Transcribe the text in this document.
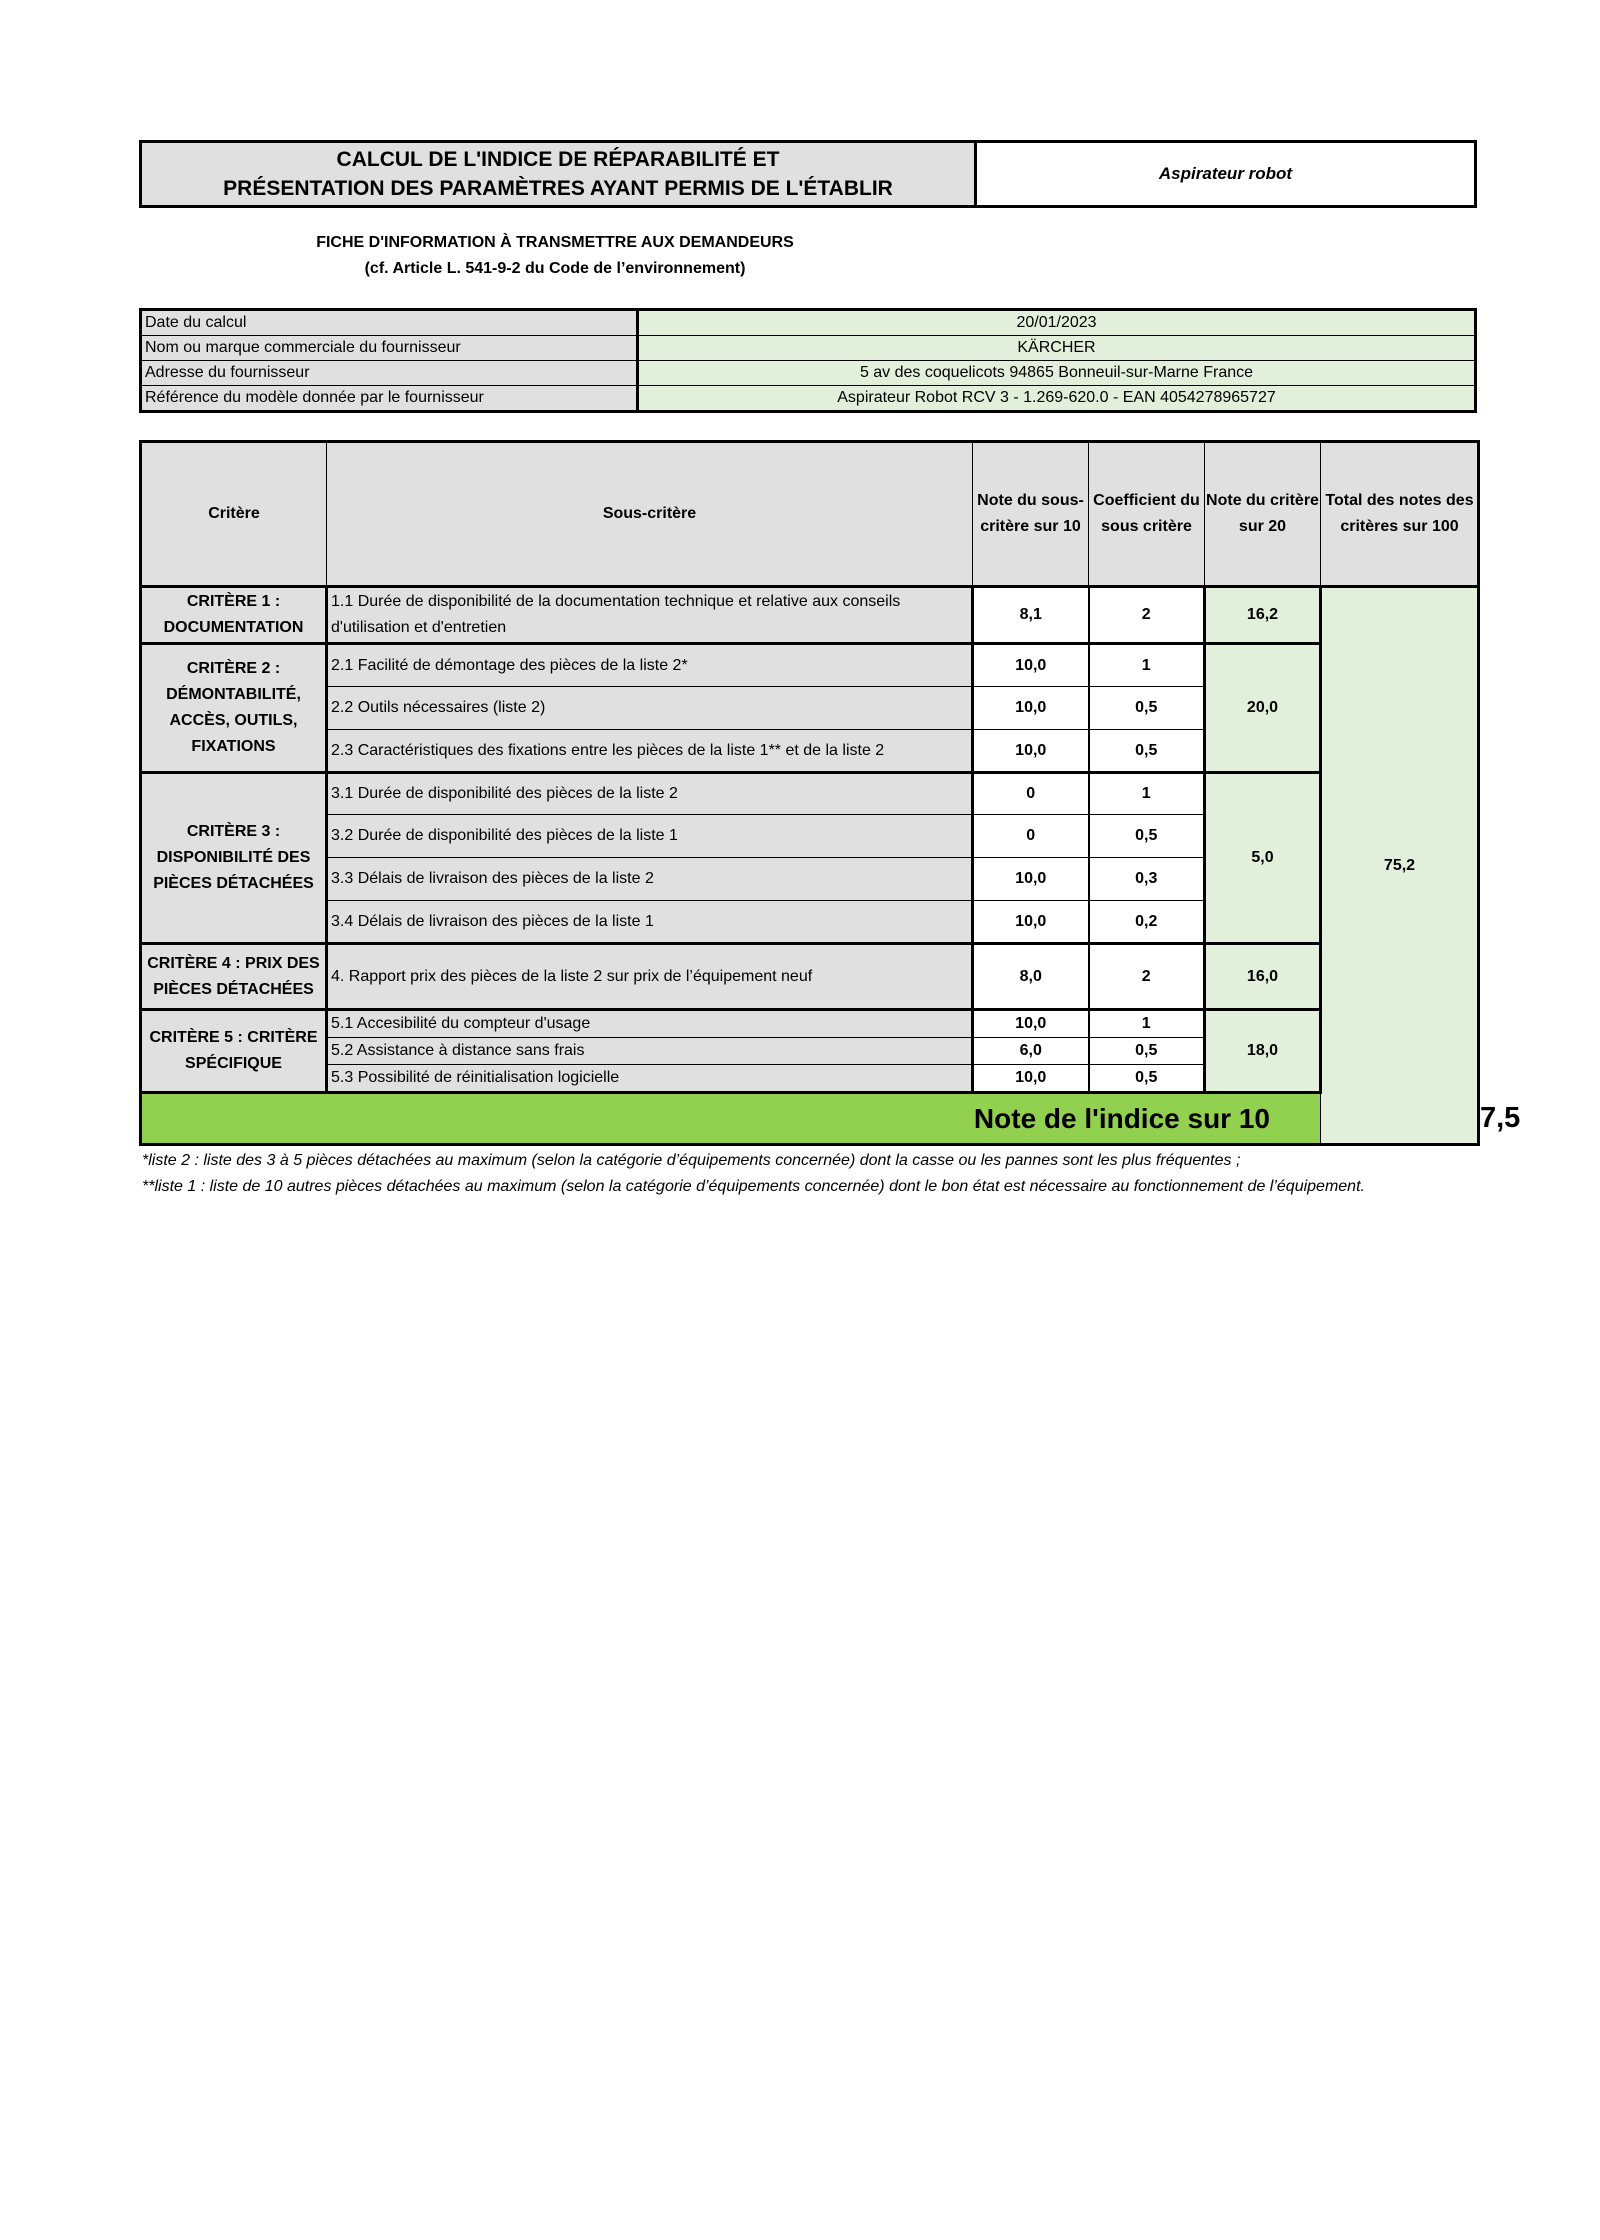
CALCUL DE L'INDICE DE RÉPARABILITÉ ET
PRÉSENTATION DES PARAMÈTRES AYANT PERMIS DE L'ÉTABLIR
Aspirateur robot
FICHE D'INFORMATION À TRANSMETTRE AUX DEMANDEURS
(cf. Article L. 541-9-2 du Code de l’environnement)
Date du calcul	20/01/2023
Nom ou marque commerciale du fournisseur	KÄRCHER
Adresse du fournisseur	5 av des coquelicots 94865 Bonneuil-sur-Marne France
Référence du modèle donnée par le fournisseur	Aspirateur Robot RCV 3 - 1.269-620.0 - EAN 4054278965727
Critère	Sous-critère	Note du sous-critère sur 10	Coefficient du sous critère	Note du critère sur 20	Total des notes des critères sur 100	
CRITÈRE 1 : DOCUMENTATION	1.1 Durée de disponibilité de la documentation technique et relative aux conseils d'utilisation et d'entretien	8,1	2	16,2	75,2	
CRITÈRE 2 : DÉMONTABILITÉ, ACCÈS, OUTILS, FIXATIONS	2.1 Facilité de démontage des pièces de la liste 2*	10,0	1	20,0		
	2.2 Outils nécessaires (liste 2)	10,0	0,5			
	2.3 Caractéristiques des fixations entre les pièces de la liste 1** et de la liste 2	10,0	0,5			
CRITÈRE 3 : DISPONIBILITÉ DES PIÈCES DÉTACHÉES	3.1 Durée de disponibilité des pièces de la liste 2	0	1	5,0		
	3.2 Durée de disponibilité des pièces de la liste 1	0	0,5			
	3.3 Délais de livraison des pièces de la liste 2	10,0	0,3			
	3.4 Délais de livraison des pièces de la liste 1	10,0	0,2			
CRITÈRE 4 : PRIX DES PIÈCES DÉTACHÉES	4. Rapport prix des pièces de la liste 2 sur prix de l’équipement neuf	8,0	2	16,0		
CRITÈRE 5 : CRITÈRE SPÉCIFIQUE	5.1 Accesibilité du compteur d'usage	10,0	1	18,0		
	5.2 Assistance à distance sans frais	6,0	0,5			
	5.3 Possibilité de réinitialisation logicielle	10,0	0,5			
Note de l'indice sur 10						7,5
*liste 2 : liste des 3 à 5 pièces détachées au maximum (selon la catégorie d’équipements concernée) dont la casse ou les pannes sont les plus fréquentes ;
**liste 1 : liste de 10 autres pièces détachées au maximum (selon la catégorie d’équipements concernée) dont le bon état est nécessaire au fonctionnement de l’équipement.
